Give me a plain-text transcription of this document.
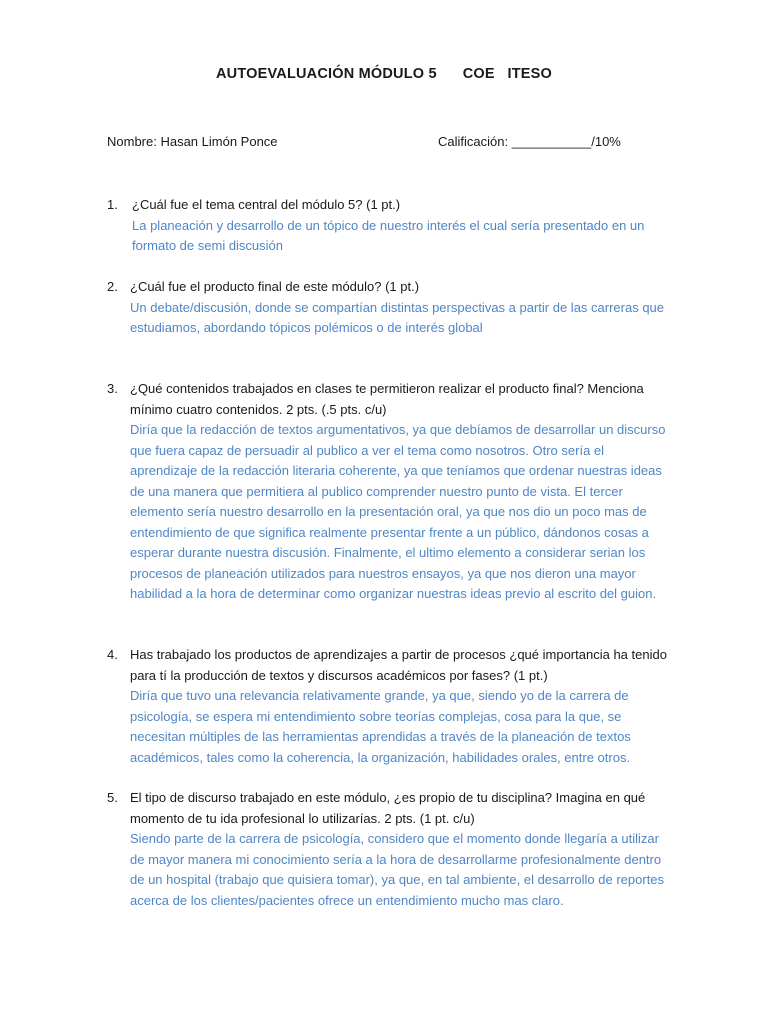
AUTOEVALUACIÓN MÓDULO 5 COE ITESO
Nombre: Hasan Limón Ponce	Calificación: ___________/10%
1.	¿Cuál fue el tema central del módulo 5? (1 pt.)
La planeación y desarrollo de un tópico de nuestro interés el cual sería presentado en un formato de semi discusión
2. ¿Cuál fue el producto final de este módulo? (1 pt.)
Un debate/discusión, donde se compartían distintas perspectivas a partir de las carreras que estudiamos, abordando tópicos polémicos o de interés global
3. ¿Qué contenidos trabajados en clases te permitieron realizar el producto final? Menciona mínimo cuatro contenidos. 2 pts. (.5 pts. c/u)
Diría que la redacción de textos argumentativos, ya que debíamos de desarrollar un discurso que fuera capaz de persuadir al publico a ver el tema como nosotros. Otro sería el aprendizaje de la redacción literaria coherente, ya que teníamos que ordenar nuestras ideas de una manera que permitiera al publico comprender nuestro punto de vista. El tercer elemento sería nuestro desarrollo en la presentación oral, ya que nos dio un poco mas de entendimiento de que significa realmente presentar frente a un público, dándonos cosas a esperar durante nuestra discusión. Finalmente, el ultimo elemento a considerar serian los procesos de planeación utilizados para nuestros ensayos, ya que nos dieron una mayor habilidad a la hora de determinar como organizar nuestras ideas previo al escrito del guion.
4. Has trabajado los productos de aprendizajes a partir de procesos ¿qué importancia ha tenido para tí la producción de textos y discursos académicos por fases? (1 pt.)
Diría que tuvo una relevancia relativamente grande, ya que, siendo yo de la carrera de psicología, se espera mi entendimiento sobre teorías complejas, cosa para la que, se necesitan múltiples de las herramientas aprendidas a través de la planeación de textos académicos, tales como la coherencia, la organización, habilidades orales, entre otros.
5. El tipo de discurso trabajado en este módulo, ¿es propio de tu disciplina? Imagina en qué momento de tu ida profesional lo utilizarías. 2 pts. (1 pt. c/u)
Siendo parte de la carrera de psicología, considero que el momento donde llegaría a utilizar de mayor manera mi conocimiento sería a la hora de desarrollarme profesionalmente dentro de un hospital (trabajo que quisiera tomar), ya que, en tal ambiente, el desarrollo de reportes acerca de los clientes/pacientes ofrece un entendimiento mucho mas claro.
